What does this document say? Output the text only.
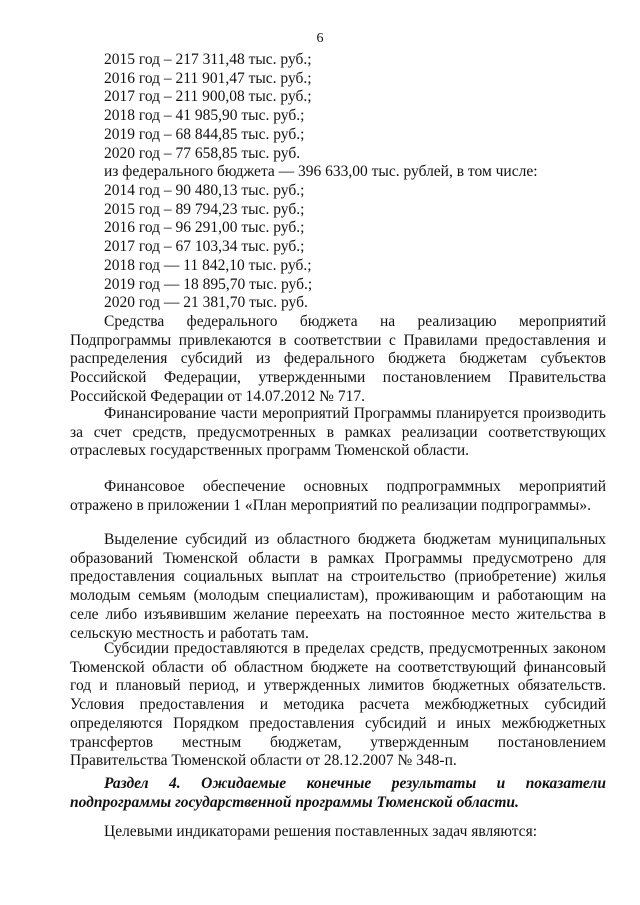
6
2015 год – 217 311,48 тыс. руб.;
2016 год – 211 901,47 тыс. руб.;
2017 год – 211 900,08 тыс. руб.;
2018 год – 41 985,90 тыс. руб.;
2019 год – 68 844,85 тыс. руб.;
2020 год – 77 658,85 тыс. руб.
из федерального бюджета — 396 633,00 тыс. рублей, в том числе:
2014 год – 90 480,13 тыс. руб.;
2015 год – 89 794,23 тыс. руб.;
2016 год – 96 291,00 тыс. руб.;
2017 год – 67 103,34 тыс. руб.;
2018 год — 11 842,10 тыс. руб.;
2019 год — 18 895,70 тыс. руб.;
2020 год — 21 381,70 тыс. руб.
Средства федерального бюджета на реализацию мероприятий Подпрограммы привлекаются в соответствии с Правилами предоставления и распределения субсидий из федерального бюджета бюджетам субъектов Российской Федерации, утвержденными постановлением Правительства Российской Федерации от 14.07.2012 № 717.
Финансирование части мероприятий Программы планируется производить за счет средств, предусмотренных в рамках реализации соответствующих отраслевых государственных программ Тюменской области.
Финансовое обеспечение основных подпрограммных мероприятий отражено в приложении 1 «План мероприятий по реализации подпрограммы».
Выделение субсидий из областного бюджета бюджетам муниципальных образований Тюменской области в рамках Программы предусмотрено для предоставления социальных выплат на строительство (приобретение) жилья молодым семьям (молодым специалистам), проживающим и работающим на селе либо изъявившим желание переехать на постоянное место жительства в сельскую местность и работать там.
Субсидии предоставляются в пределах средств, предусмотренных законом Тюменской области об областном бюджете на соответствующий финансовый год и плановый период, и утвержденных лимитов бюджетных обязательств. Условия предоставления и методика расчета межбюджетных субсидий определяются Порядком предоставления субсидий и иных межбюджетных трансфертов местным бюджетам, утвержденным постановлением Правительства Тюменской области от 28.12.2007 № 348-п.
Раздел 4. Ожидаемые конечные результаты и показатели подпрограммы государственной программы Тюменской области.
Целевыми индикаторами решения поставленных задач являются:
